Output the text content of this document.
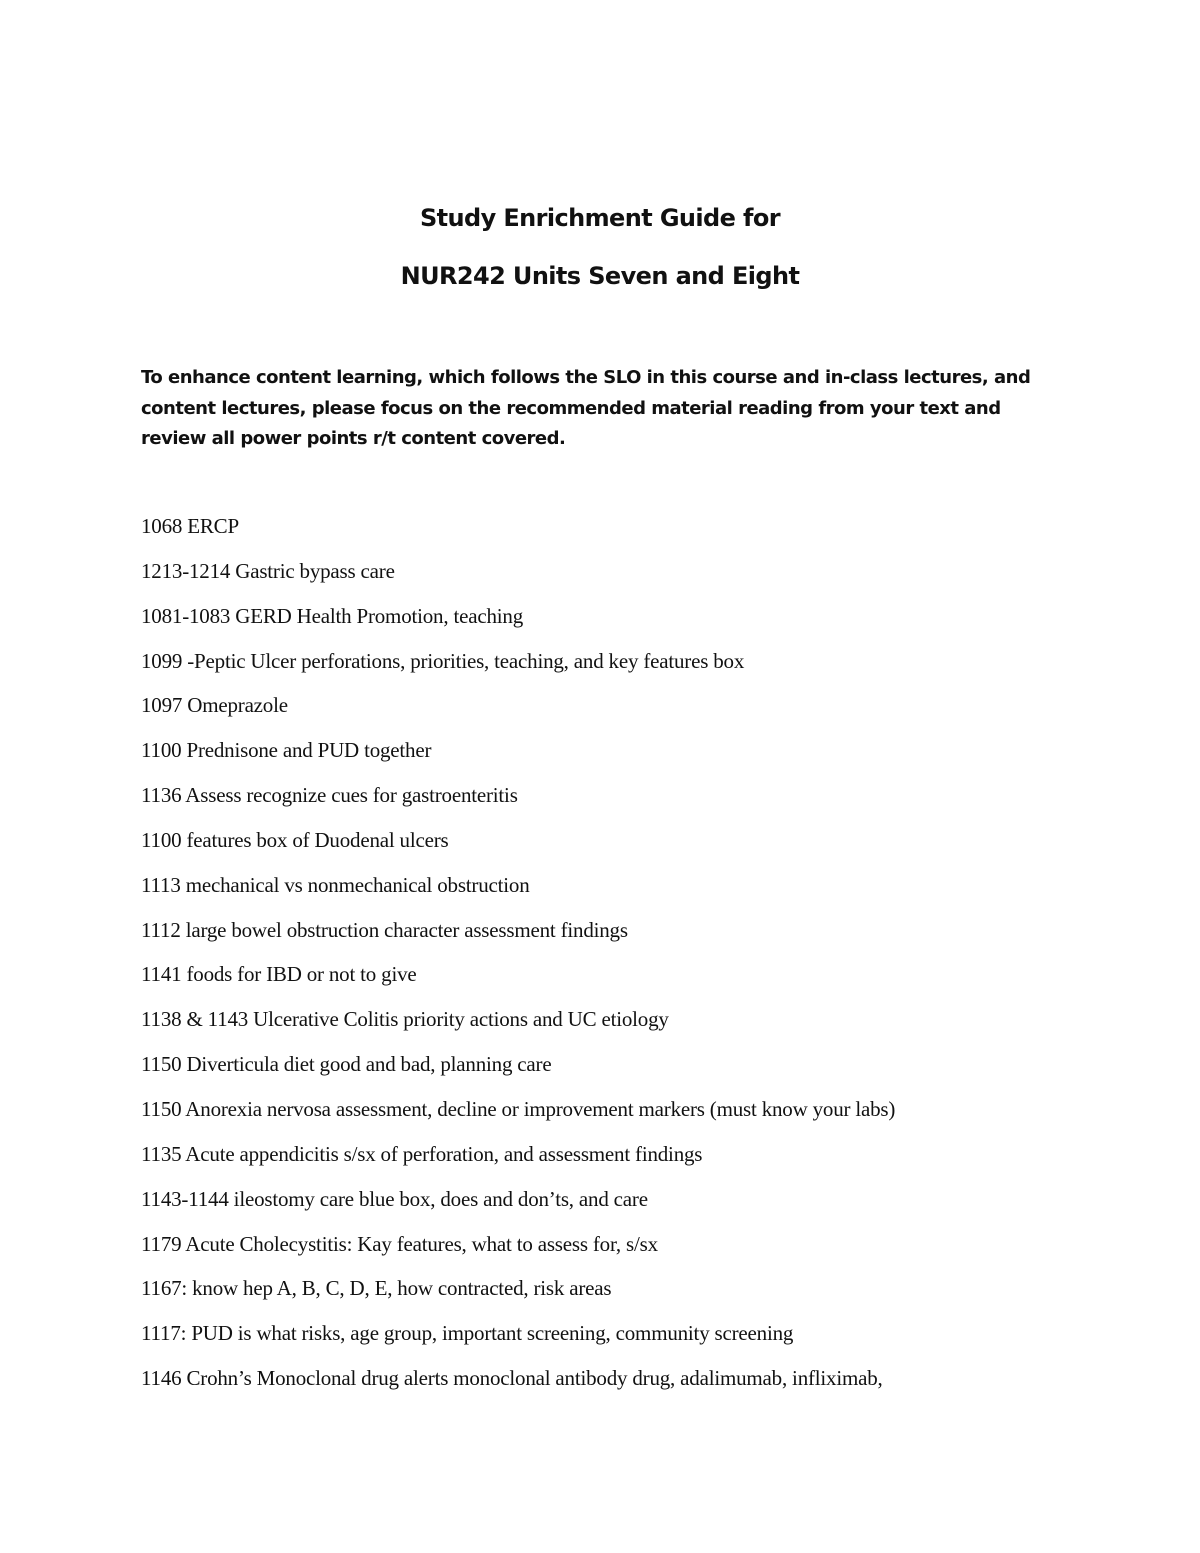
Study Enrichment Guide for
NUR242 Units Seven and Eight

To enhance content learning, which follows the SLO in this course and in-class lectures, and content lectures, please focus on the recommended material reading from your text and review all power points r/t content covered.

1068 ERCP
1213-1214 Gastric bypass care
1081-1083 GERD Health Promotion, teaching
1099 -Peptic Ulcer perforations, priorities, teaching, and key features box
1097 Omeprazole
1100 Prednisone and PUD together
1136 Assess recognize cues for gastroenteritis
1100 features box of Duodenal ulcers
1113 mechanical vs nonmechanical obstruction
1112 large bowel obstruction character assessment findings
1141 foods for IBD or not to give
1138 & 1143 Ulcerative Colitis priority actions and UC etiology
1150 Diverticula diet good and bad, planning care
1150 Anorexia nervosa assessment, decline or improvement markers (must know your labs)
1135 Acute appendicitis s/sx of perforation, and assessment findings
1143-1144 ileostomy care blue box, does and don’ts, and care
1179 Acute Cholecystitis: Kay features, what to assess for, s/sx
1167: know hep A, B, C, D, E, how contracted, risk areas
1117: PUD is what risks, age group, important screening, community screening
1146 Crohn’s Monoclonal drug alerts monoclonal antibody drug, adalimumab, infliximab,
